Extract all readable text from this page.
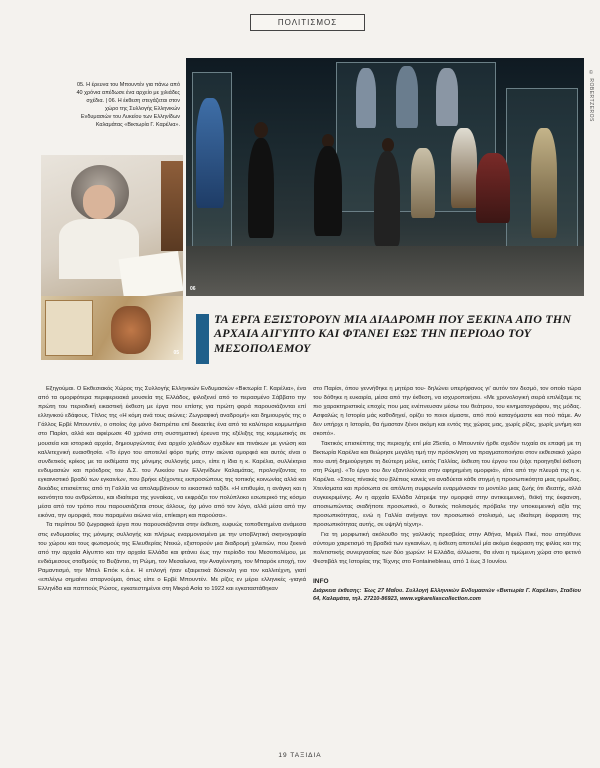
ΠΟΛΙΤΙΣΜΟΣ
© ROBERTZEROS
06
05
05. Η έρευνα του Μπουντέν για πάνω από 40 χρόνια απέδωσε ένα αρχείο με χιλιάδες σχέδια. | 06. Η έκθεση στεγάζεται στον χώρο της Συλλογής Ελληνικών Ενδυμασιών του Λυκείου των Ελληνίδων Καλαμάτας «Βικτωρία Γ. Καρέλια».
ΤΑ ΕΡΓΑ ΕΞΙΣΤΟΡΟΥΝ ΜΙΑ ΔΙΑΔΡΟΜΗ ΠΟΥ ΞΕΚΙΝΑ ΑΠΟ ΤΗΝ ΑΡΧΑΙΑ ΑΙΓΥΠΤΟ ΚΑΙ ΦΤΑΝΕΙ ΕΩΣ ΤΗΝ ΠΕΡΙΟΔΟ ΤΟΥ ΜΕΣΟΠΟΛΕΜΟΥ

Εξηγούμαι. Ο Εκθεσιακός Χώρος της Συλλογής Ελληνικών Ενδυμασιών «Βικτωρία Γ. Καρέλια», ένα από τα ομορφότερα περιφερειακά μουσεία της Ελλάδος, φιλοξενεί από το περασμένο Σάββατο την πρώτη του περιοδική εικαστική έκθεση με έργα που επίσης για πρώτη φορά παρουσιάζονται επί ελληνικού εδάφους. Τίτλος της «Η κόμη ανά τους αιώνες: Ζωγραφική αναδρομή» και δημιουργός της ο Γάλλος Ερβέ Μπουντέν, ο οποίος όχι μόνο διαπρέπει επί δεκαετίες ένα από τα καλύτερα κομμωτήρια στο Παρίσι, αλλά και αφιέρωσε 40 χρόνια στη συστηματική έρευνα της εξέλιξης της κομμωτικής σε μουσεία και ιστορικά αρχεία, δημιουργώντας ένα αρχείο χιλιάδων σχεδίων και πινάκων με γνώση και καλλιτεχνική ευαισθησία. «Το έργο του αποτελεί φόρο τιμής στην αιώνια ομορφιά και αυτός είναι ο συνδετικός κρίκος με τα εκθέματα της μόνιμης συλλογής μας», είπε η ίδια η κ. Καρέλια, συλλέκτρια ενδυμασιών και πρόεδρος του Δ.Σ. του Λυκείου των Ελληνίδων Καλαμάτας, προλογίζοντας το εγκαινιστικό βραδύ των εγκαινίων, που βρήκε εξέχοντες εκπροσώπους της τοπικής κοινωνίας αλλά και δεκάδες επισκέπτες από τη Γαλλία να απολαμβάνουν το εικαστικό ταξίδι. «Η επιθυμία, η ανάγκη και η ικανότητα του ανθρώπου, και ιδιαίτερα της γυναίκας, να εκφράζει τον πολύπλοκο εσωτερικό της κόσμο μέσα από τον τρόπο που παρουσιάζεται στους άλλους, όχι μόνο από τον λόγο, αλλά μέσα από την εικόνα, την ομορφιά, που παραμένει αιώνια νέα, επίκαιρη και παρούσα».

Τα περίπου 50 ζωγραφικά έργα που παρουσιάζονται στην έκθεση, ευφυώς τοποθετημένα ανάμεσα στις ενδυμασίες της μόνιμης συλλογής και πλήρως εναρμονισμένα με την υποβλητική σκηνογραφία του χώρου και τους φωτισμούς της Ελευθερίας Ντεκώ, εξιστορούν μια διαδρομή χιλιετιών, που ξεκινά από την αρχαία Αίγυπτο και την αρχαία Ελλάδα και φτάνει έως την περίοδο του Μεσοπολέμου, με ενδιάμεσους σταθμούς το Βυζάντιο, τη Ρώμη, τον Μεσαίωνα, την Αναγέννηση, τον Μπαρόκ εποχή, τον Ραμαντισμό, την Μπελ Επόκ κ.ά.κ. Η επιλογή ήταν εξαιρετικά δύσκολη για τον καλλιτέχνη, γιατί «επιλέγω σημαίνει απαρνούμαι, όπως είπε ο Ερβέ Μπουντέν. Με ρίζες εν μέρει ελληνικές -γιαγιά Ελληνίδα και παππούς Ρώσος, εγκατεστημένοι στη Μικρά Ασία το 1922 και εγκαταστάθηκαν

στο Παρίσι, όπου γεννήθηκε η μητέρα του- δηλώνει υπερήφανος γι' αυτόν τον δεσμό, τον οποίο τώρα του δόθηκε η ευκαιρία, μέσα από την έκθεση, να ισχυροποιήσει. «Με χρονολογική σειρά επιλέξαμε τις πιο χαρακτηριστικές εποχές που μας ενέπνευσαν μέσω του θεάτρου, του κινηματογράφου, της μόδας. Ασφαλώς η Ιστορία μάς καθοδηγεί, ορίζει το ποιοι είμαστε, από πού καταγόμαστε και πού πάμε. Αν δεν υπήρχε η Ιστορία, θα ήμασταν ξένοι ακόμη και εντός της χώρας μας, χωρίς ρίζες, χωρίς μνήμη και σκοπό».

Τακτικός επισκέπτης της περιοχής επί μία 25ετία, ο Μπουντέν ήρθε σχεδόν τυχαία σε επαφή με τη Βικτωρία Καρέλια και θεώρησε μεγάλη τιμή την πρόσκληση να πραγματοποιήσει στον εκθεσιακό χώρο που αυτή δημιούργησε τη δεύτερη μόλις, εκτός Γαλλίας, έκθεση του έργου του (είχε προηγηθεί έκθεση στη Ρώμη). «Το έργο του δεν εξαντλούνται στην αφηρημένη ομορφιά», είπε από την πλευρά της η κ. Καρέλια. «Στους πίνακές του βλέπεις κανείς να αναδύεται κάθε στιγμή η προσωπικότητα μιας ηρωίδας. Χτενίσματα και πρόσωπα σε απόλυτη συμφωνία εναρμόνισαν το μοντέλο μιας ζωής ότι ιδεατής, αλλά συγκεκριμένης. Αν η αρχαία Ελλάδα λάτρεψε την ομορφιά στην αντικειμενική, θεϊκή της έκφανση, αποσιωπώντας σιαδήποτε προσωπικό, ο δυτικός πολιτισμός πρόβαλε την υποκειμενική αξία της προσωπικότητας, ενώ η Γαλλία ανήγαγε τον προσωπικό στολισμό, ως ιδιαίτερη έκφραση της προσωπικότητας αυτής, σε υψηλή τέχνη».

Για τη μορφωτική ακόλουθο της γαλλικής πρεσβείας στην Αθήνα, Μιριέλ Πικέ, που απηύθυνε σύντομο χαιρετισμό τη βραδιά των εγκαινίων, η έκθεση αποτελεί μία ακόμα έκφραση της φιλίας και της πολιτιστικής συνεργασίας των δύο χωρών: Η Ελλάδα, άλλωστε, θα είναι η τιμώμενη χώρα στο φετινό Φεστιβάλ της Ιστορίας της Τέχνης στο Fontainebleau, από 1 έως 3 Ιουνίου.

INFO
Διάρκεια έκθεσης: Έως 27 Μαΐου. Συλλογή Ελληνικών Ενδυμασιών «Βικτωρία Γ. Καρέλια», Σταδίου 64, Καλαμάτα, τηλ. 27210-86923, www.vgkareliascollection.com
19 ΤΑΞΙΔΙΑ
